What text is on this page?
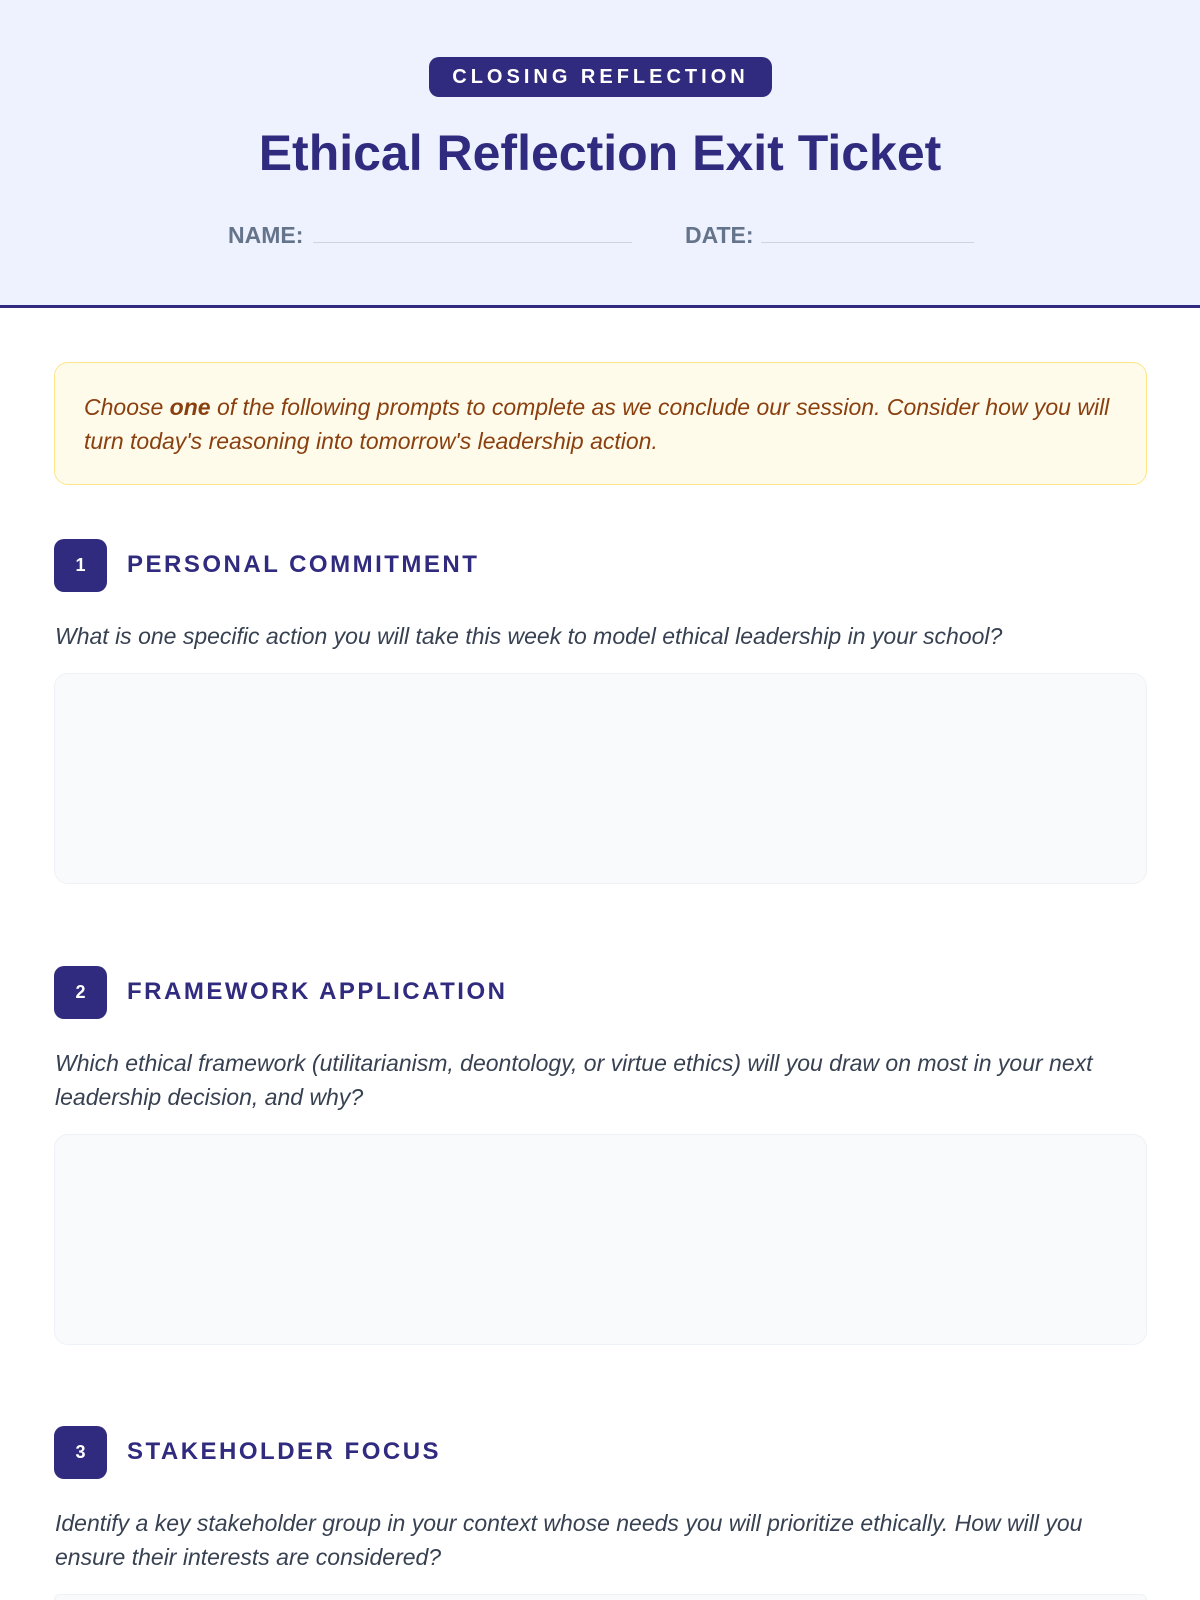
CLOSING REFLECTION
Ethical Reflection Exit Ticket
NAME:	DATE:
Choose one of the following prompts to complete as we conclude our session. Consider how you will turn today's reasoning into tomorrow's leadership action.
1	PERSONAL COMMITMENT

What is one specific action you will take this week to model ethical leadership in your school?

2	FRAMEWORK APPLICATION

Which ethical framework (utilitarianism, deontology, or virtue ethics) will you draw on most in your next leadership decision, and why?

3	STAKEHOLDER FOCUS

Identify a key stakeholder group in your context whose needs you will prioritize ethically. How will you ensure their interests are considered?
